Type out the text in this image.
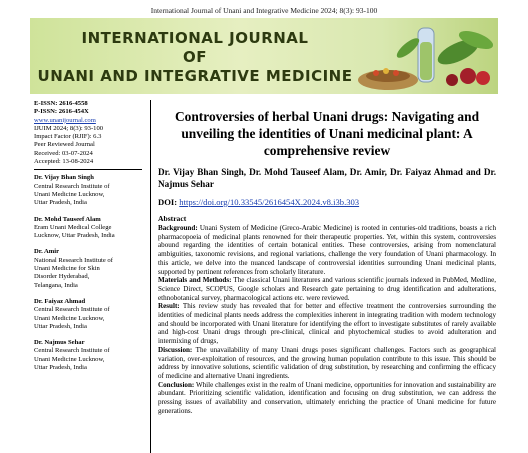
International Journal of Unani and Integrative Medicine 2024; 8(3): 93-100
INTERNATIONAL JOURNAL
OF
UNANI AND INTEGRATIVE MEDICINE
E-ISSN: 2616-4558
P-ISSN: 2616-454X
www.unanijournal.com
IJUIM 2024; 8(3): 93-100
Impact Factor (RJIF): 6.3
Peer Reviewed Journal
Received: 03-07-2024
Accepted: 13-08-2024
Dr. Vijay Bhan Singh
Central Research Institute of
Unani Medicine Lucknow,
Uttar Pradesh, India
Dr. Mohd Tauseef Alam
Eram Unani Medical College
Lucknow, Uttar Pradesh, India
Dr. Amir
National Research Institute of
Unani Medicine for Skin
Disorder Hyderabad,
Telangana, India
Dr. Faiyaz Ahmad
Central Research Institute of
Unani Medicine Lucknow,
Uttar Pradesh, India
Dr. Najmus Sehar
Central Research Institute of
Unani Medicine Lucknow,
Uttar Pradesh, India
Controversies of herbal Unani drugs: Navigating and unveiling the identities of Unani medicinal plant: A comprehensive review
Dr. Vijay Bhan Singh, Dr. Mohd Tauseef Alam, Dr. Amir, Dr. Faiyaz Ahmad and Dr. Najmus Sehar
DOI: https://doi.org/10.33545/2616454X.2024.v8.i3b.303
Abstract

Background: Unani System of Medicine (Greco-Arabic Medicine) is rooted in centuries-old traditions, boasts a rich pharmacopoeia of medicinal plants renowned for their therapeutic properties. Yet, within this system, controversies abound regarding the identities of certain botanical entities. These controversies, arising from nomenclatural ambiguities, taxonomic revisions, and regional variations, challenge the very foundation of Unani pharmacology. In this article, we delve into the nuanced landscape of controversial identities surrounding Unani medicinal plants, supported by pertinent references from scholarly literature.

Materials and Methods: The classical Unani literatures and various scientific journals indexed in PubMed, Medline, Science Direct, SCOPUS, Google scholars and Research gate pertaining to drug identification and adulterations, ethnobotanical survey, pharmacological actions etc. were reviewed.

Result: This review study has revealed that for better and effective treatment the controversies surrounding the identities of medicinal plants needs address the complexities inherent in integrating tradition with modern technology and should be incorporated with Unani literature for identifying the effort to investigate substitutes of rarely available and high-cost Unani drugs through pre-clinical, clinical and phytochemical studies to avoid adulteration and intermixing of drugs,

Discussion: The unavailability of many Unani drugs poses significant challenges. Factors such as geographical variation, over-exploitation of resources, and the growing human population contribute to this issue. This should be address by innovative solutions, scientific validation of drug substitution, by researching and confirming the efficacy of medicine and alternative Unani ingredients.

Conclusion: While challenges exist in the realm of Unani medicine, opportunities for innovation and sustainability are abundant. Prioritizing scientific validation, identification and focusing on drug substitution, we can address the pressing issues of availability and conservation, ultimately enriching the practice of Unani medicine for future generations.
